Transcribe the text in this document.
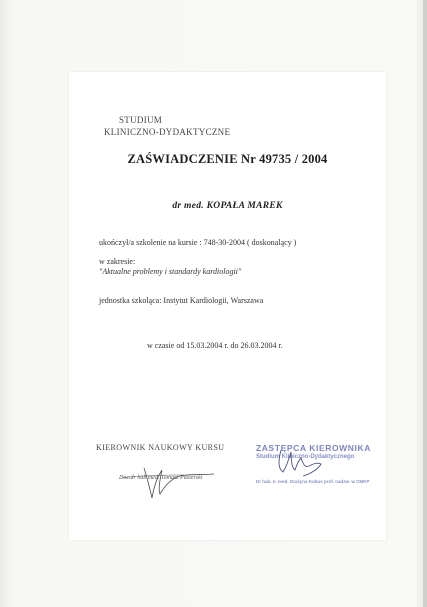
STUDIUM
KLINICZNO-DYDAKTYCZNE
ZAŚWIADCZENIE Nr 49735 / 2004
dr med. KOPAŁA MAREK
ukończył/a szkolenie na kursie : 748-30-2004 ( doskonalący )
w zakresie:
"Aktualne problemy i standardy kardiologii"
jednostka szkoląca: Instytut Kardiologii, Warszawa
w czasie od 15.03.2004 r. do 26.03.2004 r.
KIEROWNIK NAUKOWY KURSU
Doc.dr hab.med. Tomasz Pasierski
ZASTĘPCA KIEROWNIKA
Studium Kliniczno-Dydaktycznego
Dr hab. n. med. Grażyna Kobus prof. nadzw. w CMKP
